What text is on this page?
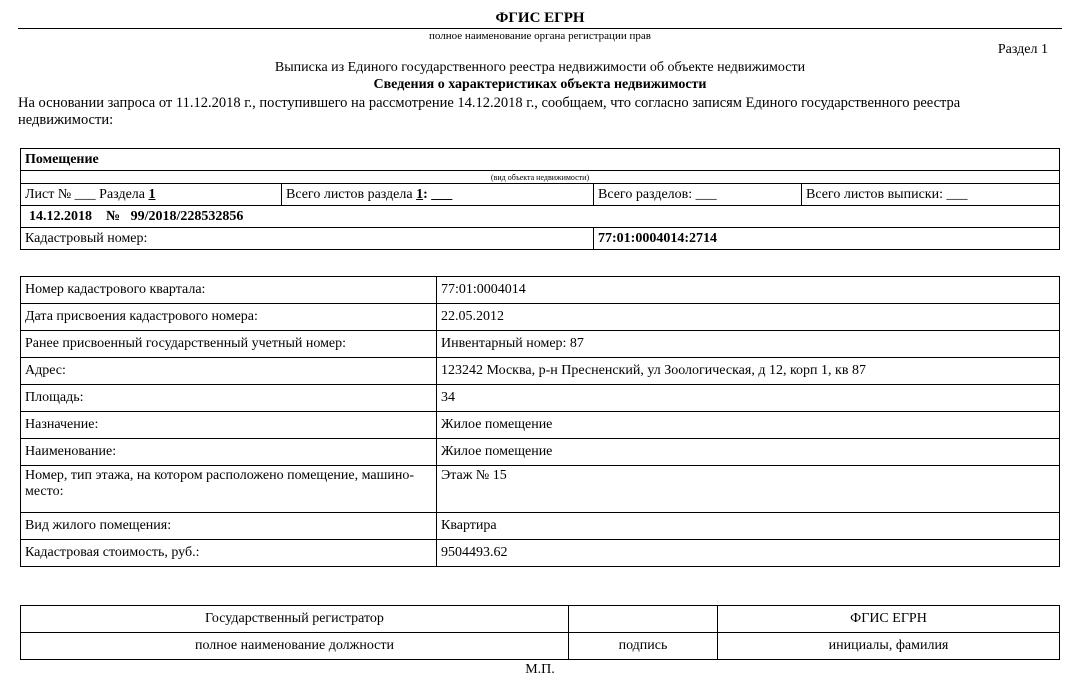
ФГИС ЕГРН
полное наименование органа регистрации прав
Раздел 1
Выписка из Единого государственного реестра недвижимости об объекте недвижимости
Сведения о характеристиках объекта недвижимости
На основании запроса от 11.12.2018 г., поступившего на рассмотрение 14.12.2018 г., сообщаем, что согласно записям Единого государственного реестра недвижимости:
Помещение			
(вид объекта недвижимости)			
Лист № ___ Раздела 1	Всего листов раздела 1: ___	Всего разделов: ___	Всего листов выписки: ___
14.12.2018 № 99/2018/228532856			
Кадастровый номер:		77:01:0004014:2714	
Номер кадастрового квартала:	77:01:0004014
Дата присвоения кадастрового номера:	22.05.2012
Ранее присвоенный государственный учетный номер:	Инвентарный номер: 87
Адрес:	123242 Москва, р-н Пресненский, ул Зоологическая, д 12, корп 1, кв 87
Площадь:	34
Назначение:	Жилое помещение
Наименование:	Жилое помещение
Номер, тип этажа, на котором расположено помещение, машино-место:	Этаж № 15
Вид жилого помещения:	Квартира
Кадастровая стоимость, руб.:	9504493.62
Государственный регистратор		ФГИС ЕГРН
полное наименование должности	подпись	инициалы, фамилия
М.П.
